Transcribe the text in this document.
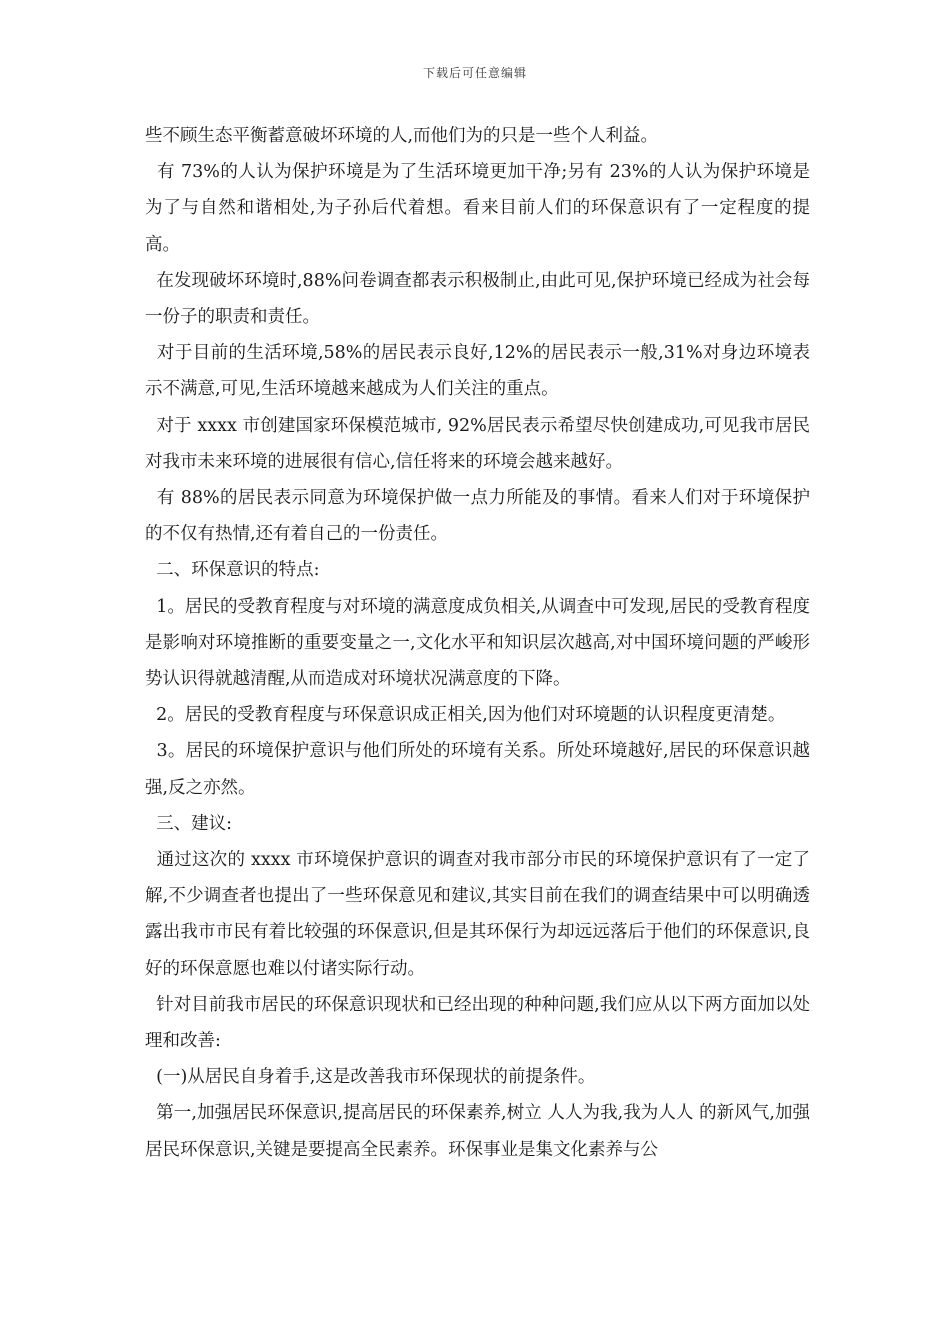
下载后可任意编辑

些不顾生态平衡蓄意破坏环境的人,而他们为的只是一些个人利益。

有 73%的人认为保护环境是为了生活环境更加干净;另有 23%的人认为保护环境是为了与自然和谐相处,为子孙后代着想。看来目前人们的环保意识有了一定程度的提高。

在发现破坏环境时,88%问卷调查都表示积极制止,由此可见,保护环境已经成为社会每一份子的职责和责任。

对于目前的生活环境,58%的居民表示良好,12%的居民表示一般,31%对身边环境表示不满意,可见,生活环境越来越成为人们关注的重点。

对于 xxxx 市创建国家环保模范城市, 92%居民表示希望尽快创建成功,可见我市居民对我市未来环境的进展很有信心,信任将来的环境会越来越好。

有 88%的居民表示同意为环境保护做一点力所能及的事情。看来人们对于环境保护的不仅有热情,还有着自己的一份责任。

二、环保意识的特点:

1。居民的受教育程度与对环境的满意度成负相关,从调查中可发现,居民的受教育程度是影响对环境推断的重要变量之一,文化水平和知识层次越高,对中国环境问题的严峻形势认识得就越清醒,从而造成对环境状况满意度的下降。

2。居民的受教育程度与环保意识成正相关,因为他们对环境题的认识程度更清楚。

3。居民的环境保护意识与他们所处的环境有关系。所处环境越好,居民的环保意识越强,反之亦然。

三、建议:

通过这次的 xxxx 市环境保护意识的调查对我市部分市民的环境保护意识有了一定了解,不少调查者也提出了一些环保意见和建议,其实目前在我们的调查结果中可以明确透露出我市市民有着比较强的环保意识,但是其环保行为却远远落后于他们的环保意识,良好的环保意愿也难以付诸实际行动。

针对目前我市居民的环保意识现状和已经出现的种种问题,我们应从以下两方面加以处理和改善:

(一)从居民自身着手,这是改善我市环保现状的前提条件。

第一,加强居民环保意识,提高居民的环保素养,树立 人人为我,我为人人 的新风气,加强居民环保意识,关键是要提高全民素养。环保事业是集文化素养与公
